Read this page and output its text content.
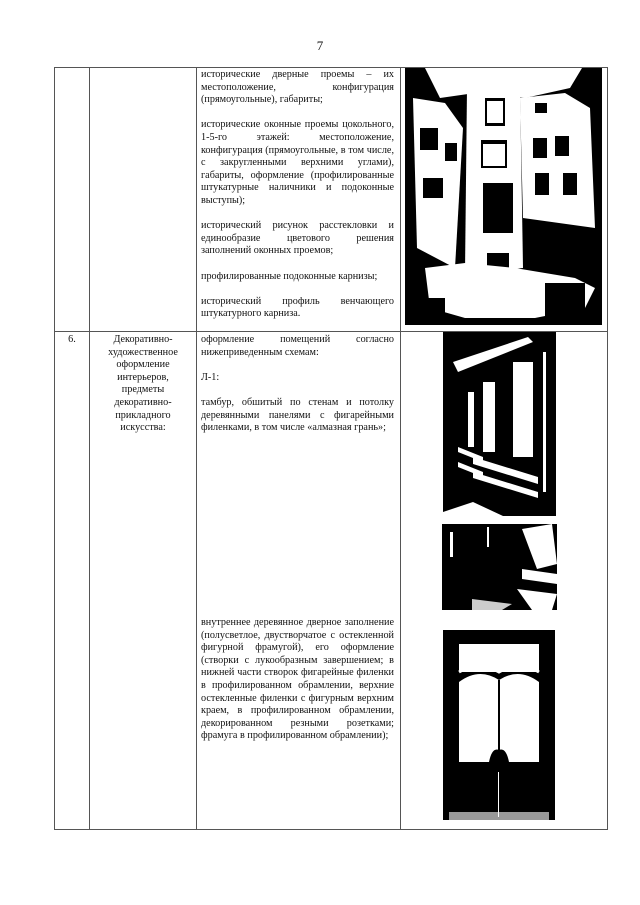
7

исторические дверные проемы – их местоположение, конфигурация (прямоугольные), габариты;

исторические оконные проемы цокольного, 1-5-го этажей: местоположение, конфигурация (прямоугольные, в том числе, с закругленными верхними углами), габариты, оформление (профилированные штукатурные наличники и подоконные выступы);

исторический рисунок расстекловки и единообразие цветового решения заполнений оконных проемов;

профилированные подоконные карнизы;

исторический профиль венчающего штукатурного карниза.

6.	Декоративно-художественное оформление интерьеров, предметы декоративно-прикладного искусства:

оформление помещений согласно нижеприведенным схемам:

Л-1:

тамбур, обшитый по стенам и потолку деревянными панелями с фигарейными филенками, в том числе «алмазная грань»;

внутреннее деревянное дверное заполнение (полусветлое, двустворчатое с остекленной фигурной фрамугой), его оформление (створки с лукообразным завершением; в нижней части створок фигарейные филенки в профилированном обрамлении, верхние остекленные филенки с фигурным верхним краем, в профилированном обрамлении, декорированном резными розетками; фрамуга в профилированном обрамлении);
